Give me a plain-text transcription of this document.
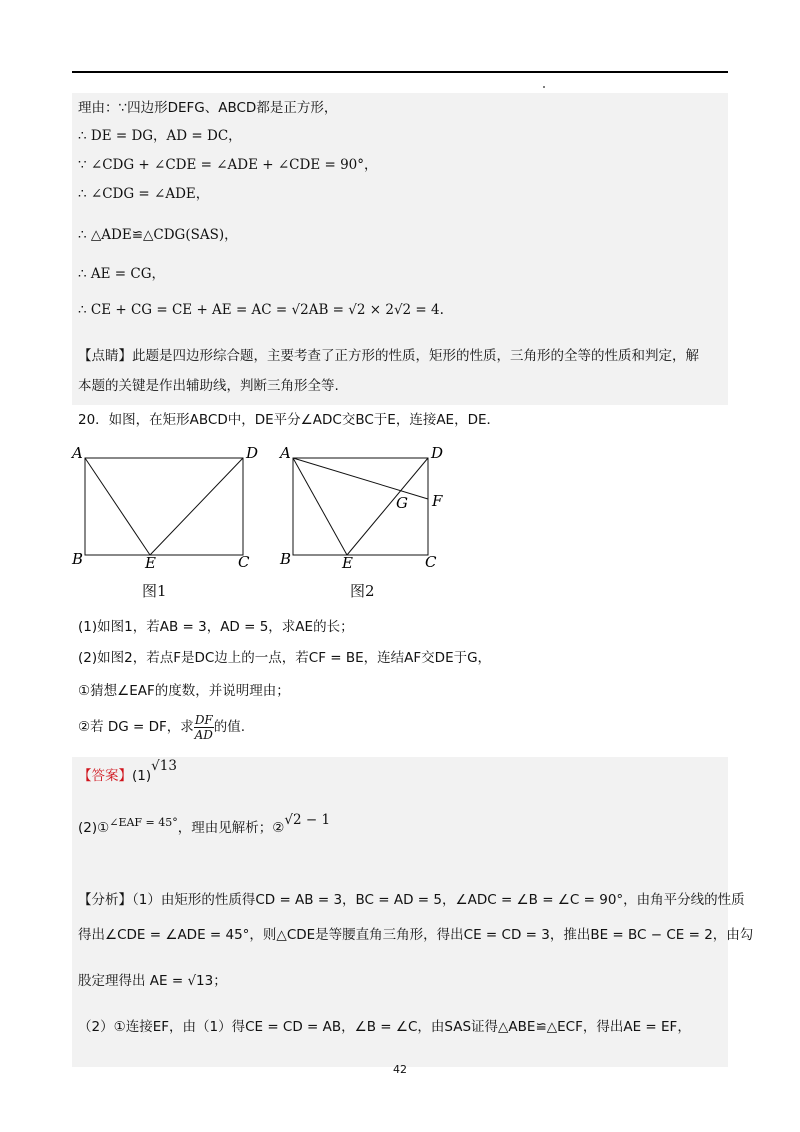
理由：∵四边形DEFG、ABCD都是正方形，
∴ DE = DG，AD = DC，
∵ ∠CDG + ∠CDE = ∠ADE + ∠CDE = 90°，
∴ ∠CDG = ∠ADE，
∴ △ADE≌△CDG(SAS)，
∴ AE = CG，
∴ CE + CG = CE + AE = AC = √2AB = √2 × 2√2 = 4.
【点睛】此题是四边形综合题，主要考查了正方形的性质，矩形的性质，三角形的全等的性质和判定，解
本题的关键是作出辅助线，判断三角形全等.
20．如图，在矩形ABCD中，DE平分∠ADC交BC于E，连接AE，DE．
A	D
B	C
E
图1
A	D
F
G
B	C
E
图2
(1)如图1，若AB = 3，AD = 5，求AE的长；
(2)如图2，若点F是DC边上的一点，若CF = BE，连结AF交DE于G，
①猜想∠EAF的度数，并说明理由；
②若 DG = DF，求 $\frac{DF}{AD}$ 的值.
【答案】(1)√13
(2)①$^{\angle EAF = 45^\circ}$，理由见解析；②√2 − 1
【分析】（1）由矩形的性质得CD = AB = 3，BC = AD = 5，∠ADC = ∠B = ∠C = 90°，由角平分线的性质
得出∠CDE = ∠ADE = 45°，则△CDE是等腰直角三角形，得出CE = CD = 3，推出BE = BC − CE = 2，由勾
股定理得出 AE = √13；
（2）①连接EF，由（1）得CE = CD = AB，∠B = ∠C，由SAS证得△ABE≌△ECF，得出AE = EF，
42
